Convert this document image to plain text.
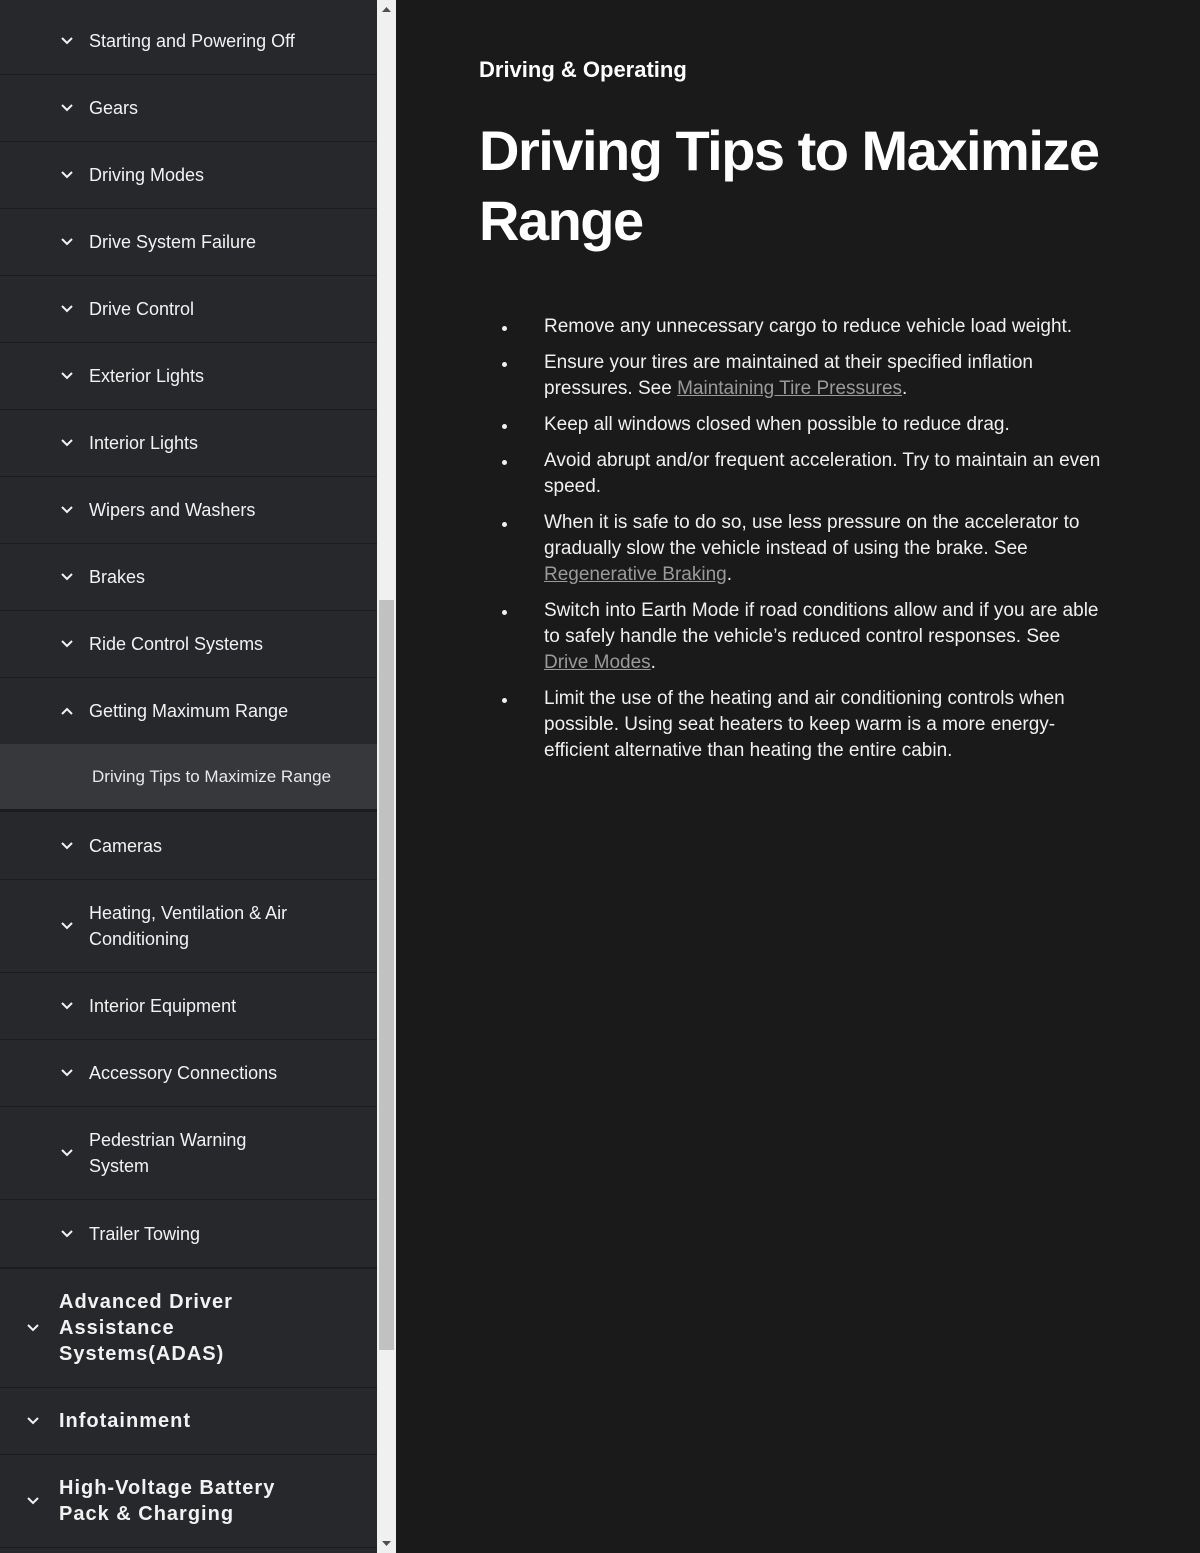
Starting and Powering Off
Gears
Driving Modes
Drive System Failure
Drive Control
Exterior Lights
Interior Lights
Wipers and Washers
Brakes
Ride Control Systems
Getting Maximum Range
Driving Tips to Maximize Range
Cameras
Heating, Ventilation & Air Conditioning
Interior Equipment
Accessory Connections
Pedestrian Warning System
Trailer Towing
Advanced Driver Assistance Systems(ADAS)
Infotainment
High-Voltage Battery Pack & Charging
Driving & Operating
Driving Tips to Maximize Range
Remove any unnecessary cargo to reduce vehicle load weight.
Ensure your tires are maintained at their specified inflation pressures. See Maintaining Tire Pressures.
Keep all windows closed when possible to reduce drag.
Avoid abrupt and/or frequent acceleration. Try to maintain an even speed.
When it is safe to do so, use less pressure on the accelerator to gradually slow the vehicle instead of using the brake. See Regenerative Braking.
Switch into Earth Mode if road conditions allow and if you are able to safely handle the vehicle’s reduced control responses. See Drive Modes.
Limit the use of the heating and air conditioning controls when possible. Using seat heaters to keep warm is a more energy-efficient alternative than heating the entire cabin.
